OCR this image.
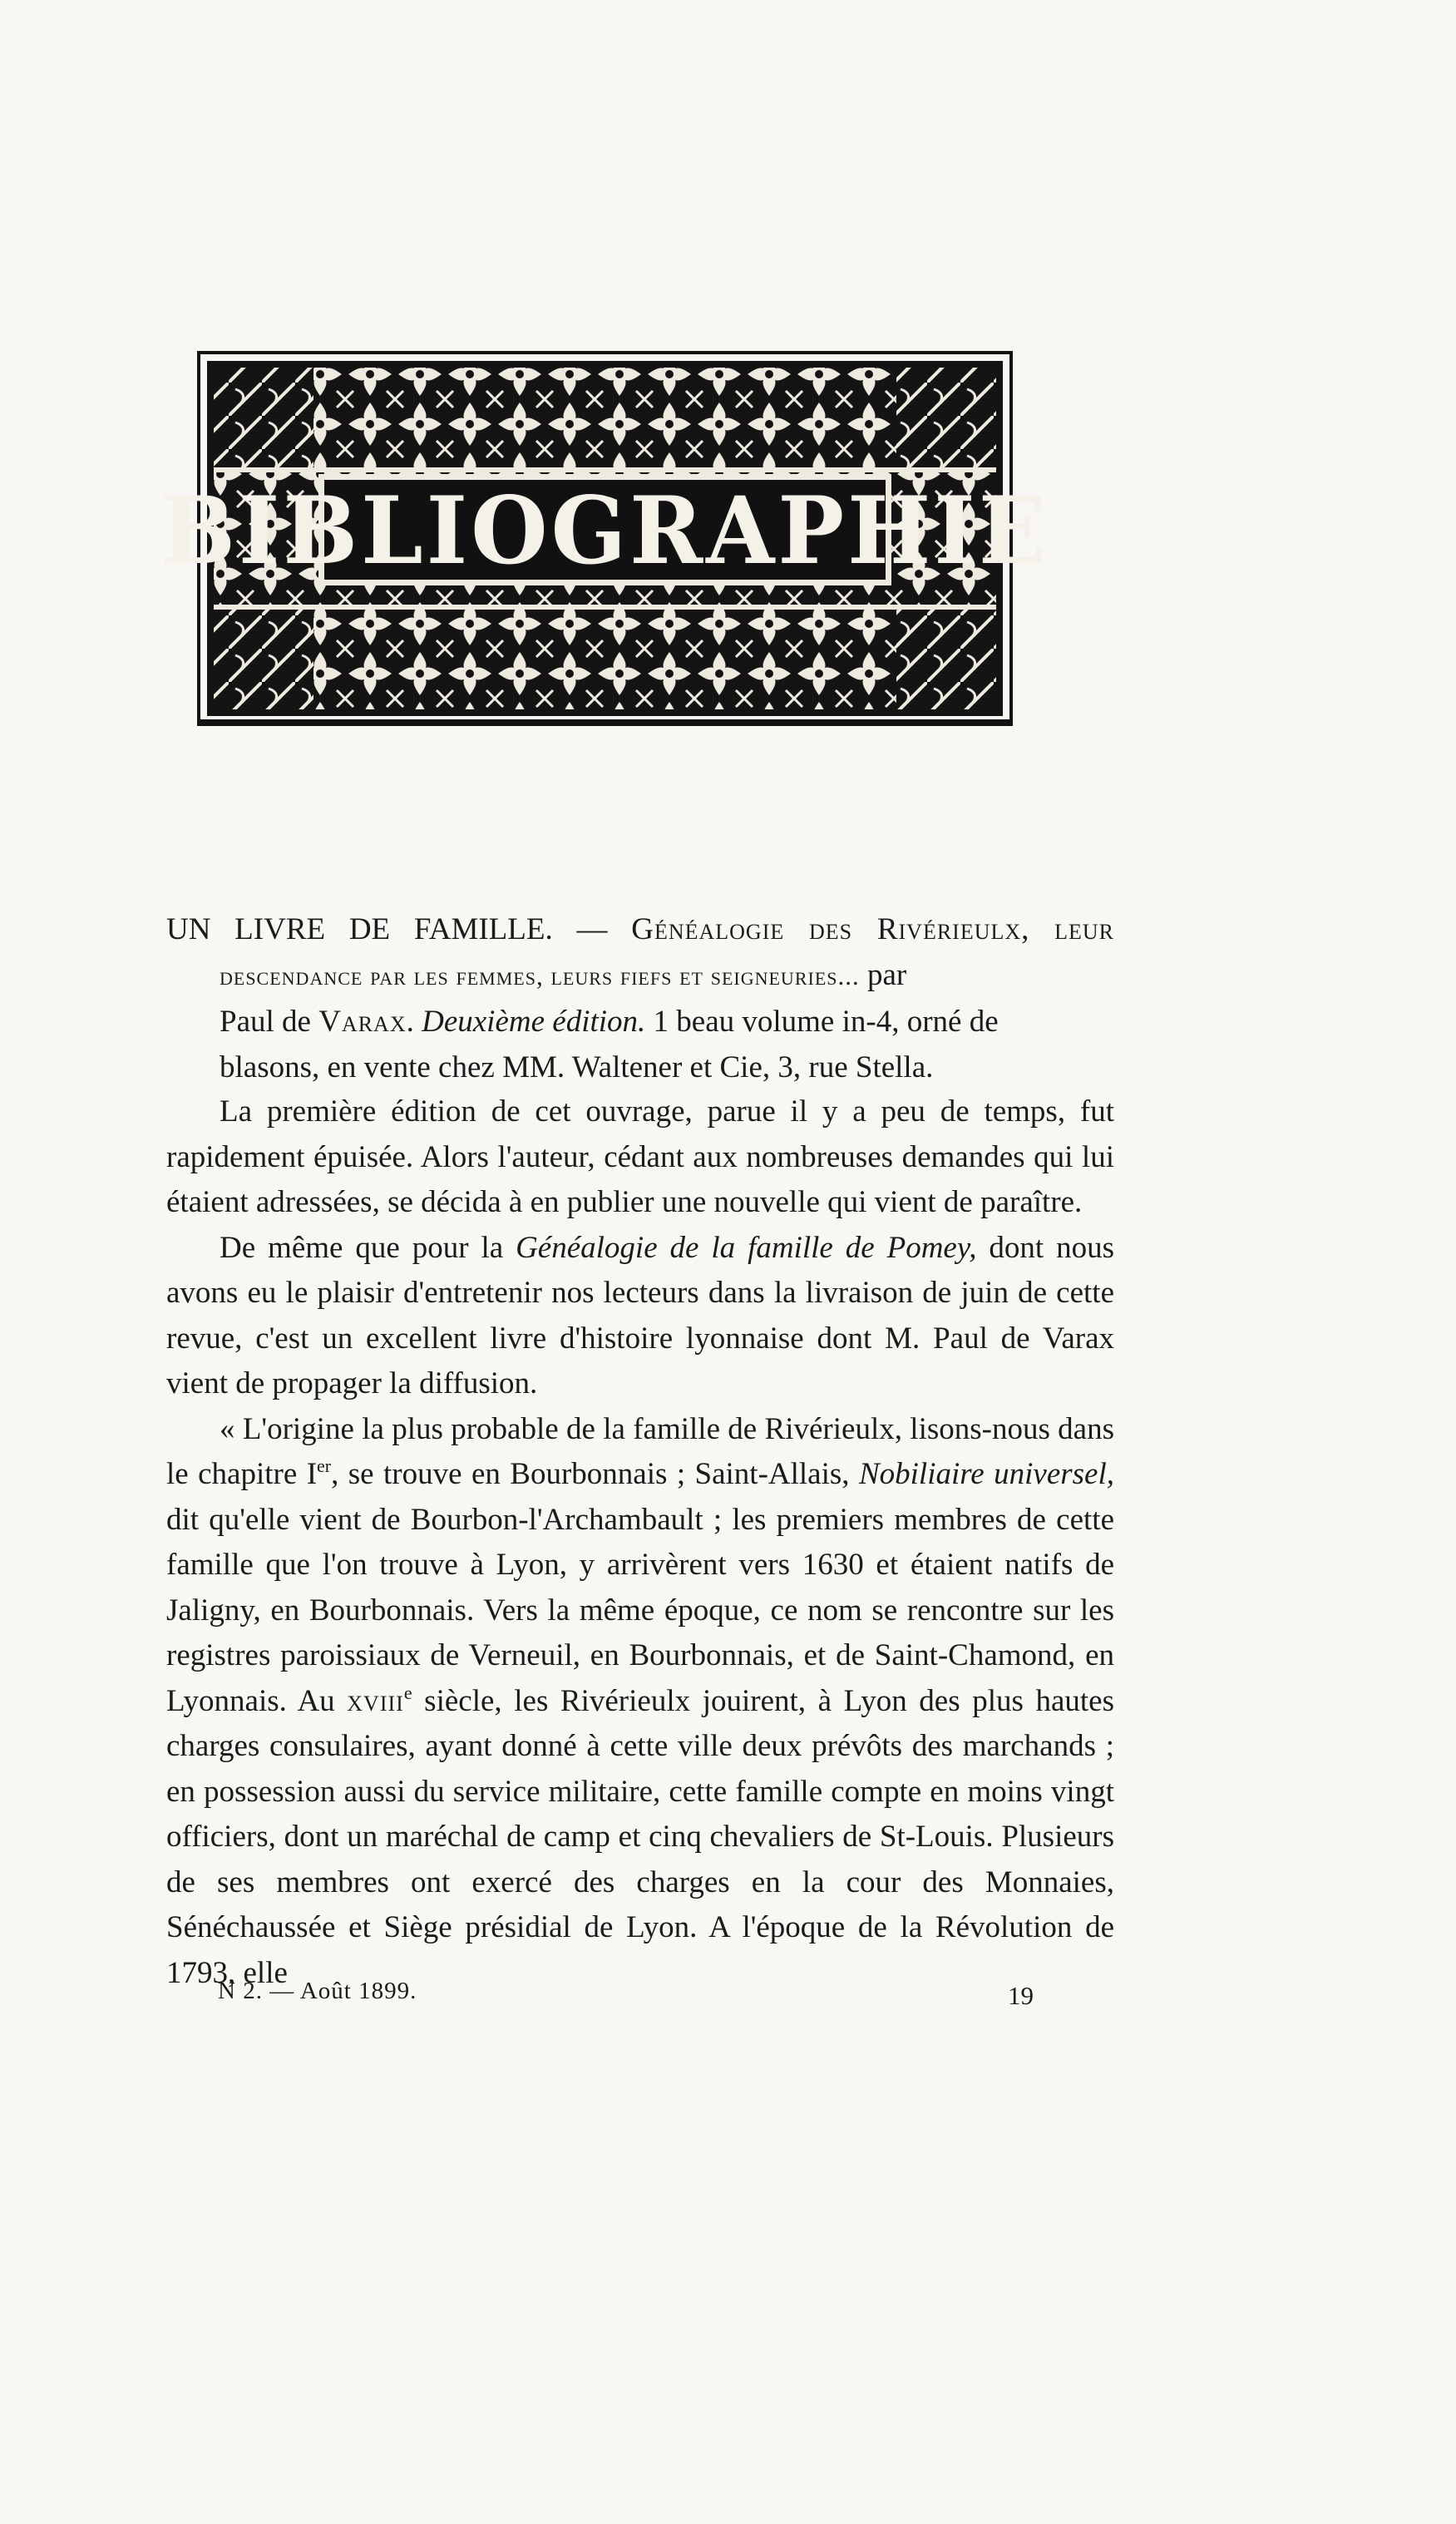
BIBLIOGRAPHIE

UN LIVRE DE FAMILLE. — Généalogie des Rivérieulx, leur

descendance par les femmes, leurs fiefs et seigneuries... par

Paul de Varax. Deuxième édition. 1 beau volume in-4, orné de

blasons, en vente chez MM. Waltener et Cie, 3, rue Stella.

La première édition de cet ouvrage, parue il y a peu de temps, fut rapidement épuisée. Alors l'auteur, cédant aux nombreuses demandes qui lui étaient adressées, se décida à en publier une nouvelle qui vient de paraître.

De même que pour la Généalogie de la famille de Pomey, dont nous avons eu le plaisir d'entretenir nos lecteurs dans la livraison de juin de cette revue, c'est un excellent livre d'histoire lyonnaise dont M. Paul de Varax vient de propager la diffusion.

« L'origine la plus probable de la famille de Rivérieulx, lisons-nous dans le chapitre Ier, se trouve en Bourbonnais ; Saint-Allais, Nobiliaire universel, dit qu'elle vient de Bourbon-l'Archambault ; les premiers membres de cette famille que l'on trouve à Lyon, y arrivèrent vers 1630 et étaient natifs de Jaligny, en Bourbonnais. Vers la même époque, ce nom se rencontre sur les registres paroissiaux de Verneuil, en Bourbonnais, et de Saint-Chamond, en Lyonnais. Au xviii$^e$ siècle, les Rivérieulx jouirent, à Lyon des plus hautes charges consulaires, ayant donné à cette ville deux prévôts des marchands ; en possession aussi du service militaire, cette famille compte en moins vingt officiers, dont un maréchal de camp et cinq chevaliers de St-Louis. Plusieurs de ses membres ont exercé des charges en la cour des Monnaies, Sénéchaussée et Siège présidial de Lyon. A l'époque de la Révolution de 1793, elle

N 2. — Août 1899.	19
